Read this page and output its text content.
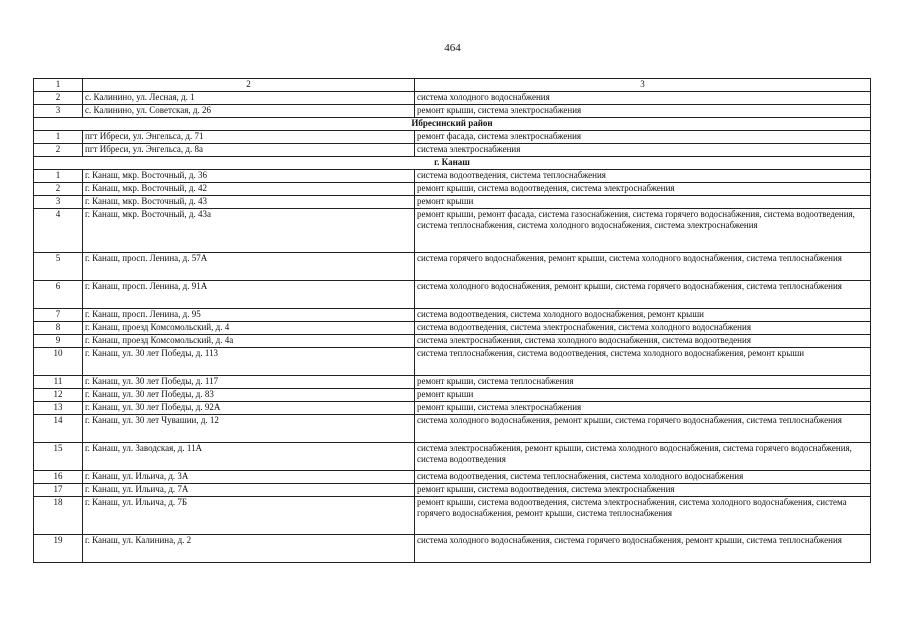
464
1	2	3
2	с. Калинино, ул. Лесная, д. 1	система холодного водоснабжения
3	с. Калинино, ул. Советская, д. 26	ремонт крыши, система электроснабжения
Ибресинский район		
1	пгт Ибреси, ул. Энгельса, д. 71	ремонт фасада, система электроснабжения
2	пгт Ибреси, ул. Энгельса, д. 8а	система электроснабжения
г. Канаш		
1	г. Канаш, мкр. Восточный, д. 36	система водоотведения, система теплоснабжения
2	г. Канаш, мкр. Восточный, д. 42	ремонт крыши, система водоотведения, система электроснабжения
3	г. Канаш, мкр. Восточный, д. 43	ремонт крыши
4	г. Канаш, мкр. Восточный, д. 43а	ремонт крыши, ремонт фасада, система газоснабжения, система горячего водоснабжения, система водоотведения, система теплоснабжения, система холодного водоснабжения, система электроснабжения
5	г. Канаш, просп. Ленина, д. 57А	система горячего водоснабжения, ремонт крыши, система холодного водоснабжения, система теплоснабжения
6	г. Канаш, просп. Ленина, д. 91А	система холодного водоснабжения, ремонт крыши, система горячего водоснабжения, система теплоснабжения
7	г. Канаш, просп. Ленина, д. 95	система водоотведения, система холодного водоснабжения, ремонт крыши
8	г. Канаш, проезд Комсомольский, д. 4	система водоотведения, система электроснабжения, система холодного водоснабжения
9	г. Канаш, проезд Комсомольский, д. 4а	система электроснабжения, система холодного водоснабжения, система водоотведения
10	г. Канаш, ул. 30 лет Победы, д. 113	система теплоснабжения, система водоотведения, система холодного водоснабжения, ремонт крыши
11	г. Канаш, ул. 30 лет Победы, д. 117	ремонт крыши, система теплоснабжения
12	г. Канаш, ул. 30 лет Победы, д. 83	ремонт крыши
13	г. Канаш, ул. 30 лет Победы, д. 92А	ремонт крыши, система электроснабжения
14	г. Канаш, ул. 30 лет Чувашии, д. 12	система холодного водоснабжения, ремонт крыши, система горячего водоснабжения, система теплоснабжения
15	г. Канаш, ул. Заводская, д. 11А	система электроснабжения, ремонт крыши, система холодного водоснабжения, система горячего водоснабжения, система водоотведения
16	г. Канаш, ул. Ильича, д. 3А	система водоотведения, система теплоснабжения, система холодного водоснабжения
17	г. Канаш, ул. Ильича, д. 7А	ремонт крыши, система водоотведения, система электроснабжения
18	г. Канаш, ул. Ильича, д. 7Б	ремонт крыши, система водоотведения, система электроснабжения, система холодного водоснабжения, система горячего водоснабжения, ремонт крыши, система теплоснабжения
19	г. Канаш, ул. Калинина, д. 2	система холодного водоснабжения, система горячего водоснабжения, ремонт крыши, система теплоснабжения
